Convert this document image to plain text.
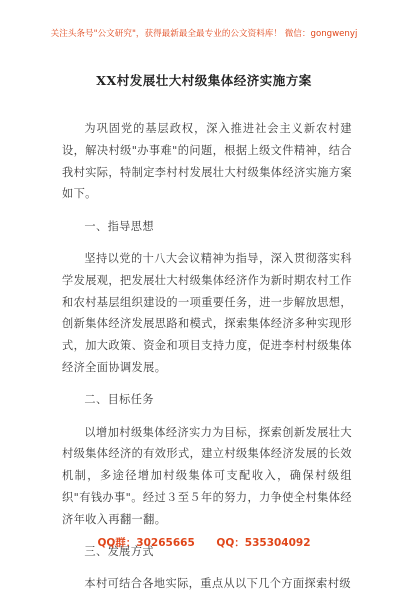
关注头条号"公文研究"，获得最新最全最专业的公文资料库！ 微信：gongwenyj
XX村发展壮大村级集体经济实施方案

为巩固党的基层政权，深入推进社会主义新农村建设，解决村级"办事难"的问题，根据上级文件精神，结合我村实际，特制定李村村发展壮大村级集体经济实施方案如下。

一、指导思想

坚持以党的十八大会议精神为指导，深入贯彻落实科学发展观，把发展壮大村级集体经济作为新时期农村工作和农村基层组织建设的一项重要任务，进一步解放思想，创新集体经济发展思路和模式，探索集体经济多种实现形式，加大政策、资金和项目支持力度，促进李村村级集体经济全面协调发展。

二、目标任务

以增加村级集体经济实力为目标，探索创新发展壮大村级集体经济的有效形式，建立村级集体经济发展的长效机制，多途径增加村级集体可支配收入，确保村级组织"有钱办事"。经过３至５年的努力，力争使全村集体经济年收入再翻一翻。

三、发展方式

本村可结合各地实际，重点从以下几个方面探索村级

QQ群：30265665 QQ：535304092
